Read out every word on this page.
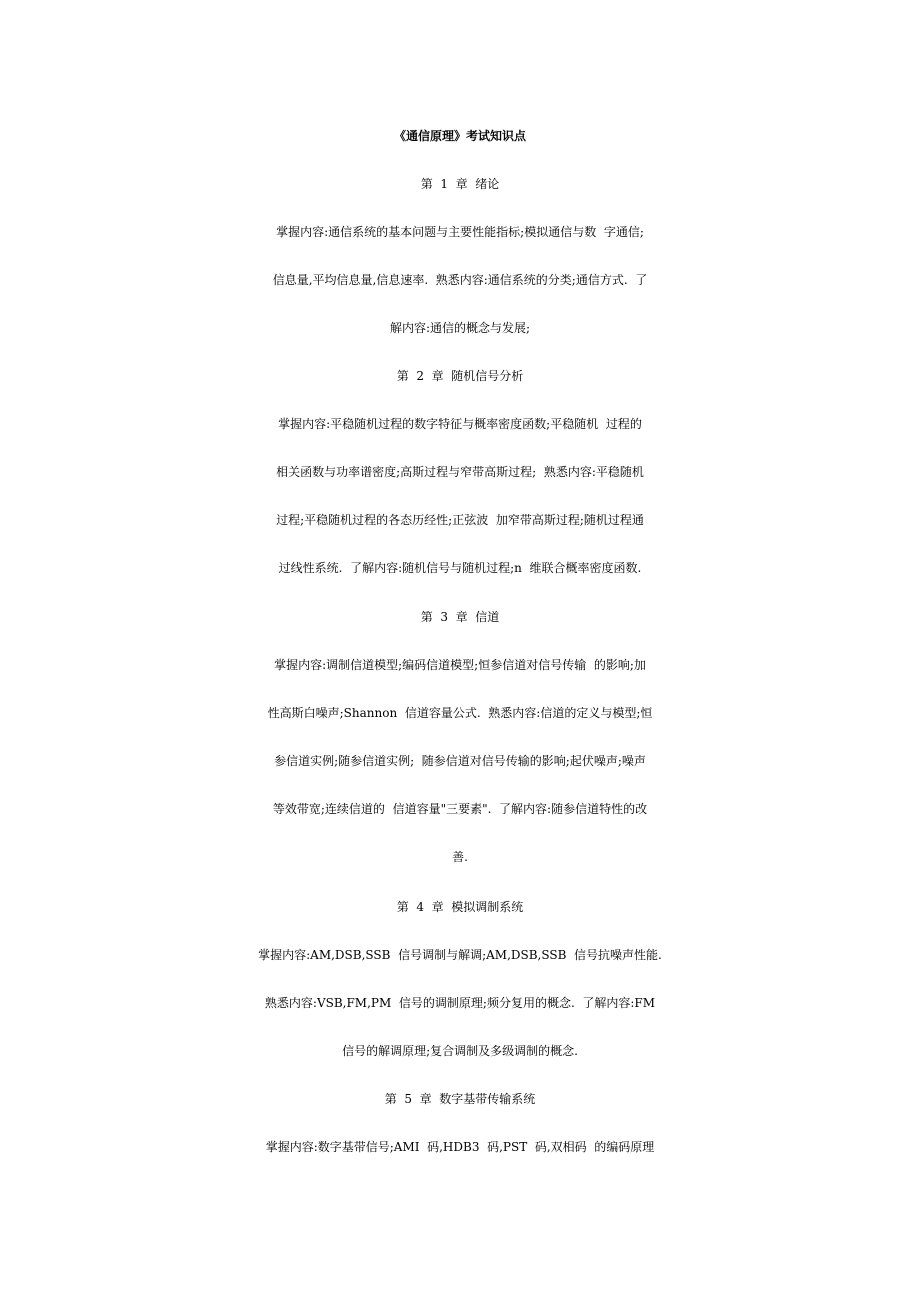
《通信原理》考试知识点
第  1  章  绪论
掌握内容:通信系统的基本问题与主要性能指标;模拟通信与数  字通信;
信息量,平均信息量,信息速率.  熟悉内容:通信系统的分类;通信方式.  了
解内容:通信的概念与发展;
第  2  章  随机信号分析
掌握内容:平稳随机过程的数字特征与概率密度函数;平稳随机  过程的
相关函数与功率谱密度;高斯过程与窄带高斯过程;  熟悉内容:平稳随机
过程;平稳随机过程的各态历经性;正弦波  加窄带高斯过程;随机过程通
过线性系统.  了解内容:随机信号与随机过程;n  维联合概率密度函数.
第  3  章  信道
掌握内容:调制信道模型;编码信道模型;恒参信道对信号传输  的影响;加
性高斯白噪声;Shannon  信道容量公式.  熟悉内容:信道的定义与模型;恒
参信道实例;随参信道实例;  随参信道对信号传输的影响;起伏噪声;噪声
等效带宽;连续信道的  信道容量"三要素".  了解内容:随参信道特性的改
善.
第  4  章  模拟调制系统
掌握内容:AM,DSB,SSB  信号调制与解调;AM,DSB,SSB  信号抗噪声性能.
熟悉内容:VSB,FM,PM  信号的调制原理;频分复用的概念.  了解内容:FM
信号的解调原理;复合调制及多级调制的概念.
第  5  章  数字基带传输系统
掌握内容:数字基带信号;AMI  码,HDB3  码,PST  码,双相码  的编码原理
